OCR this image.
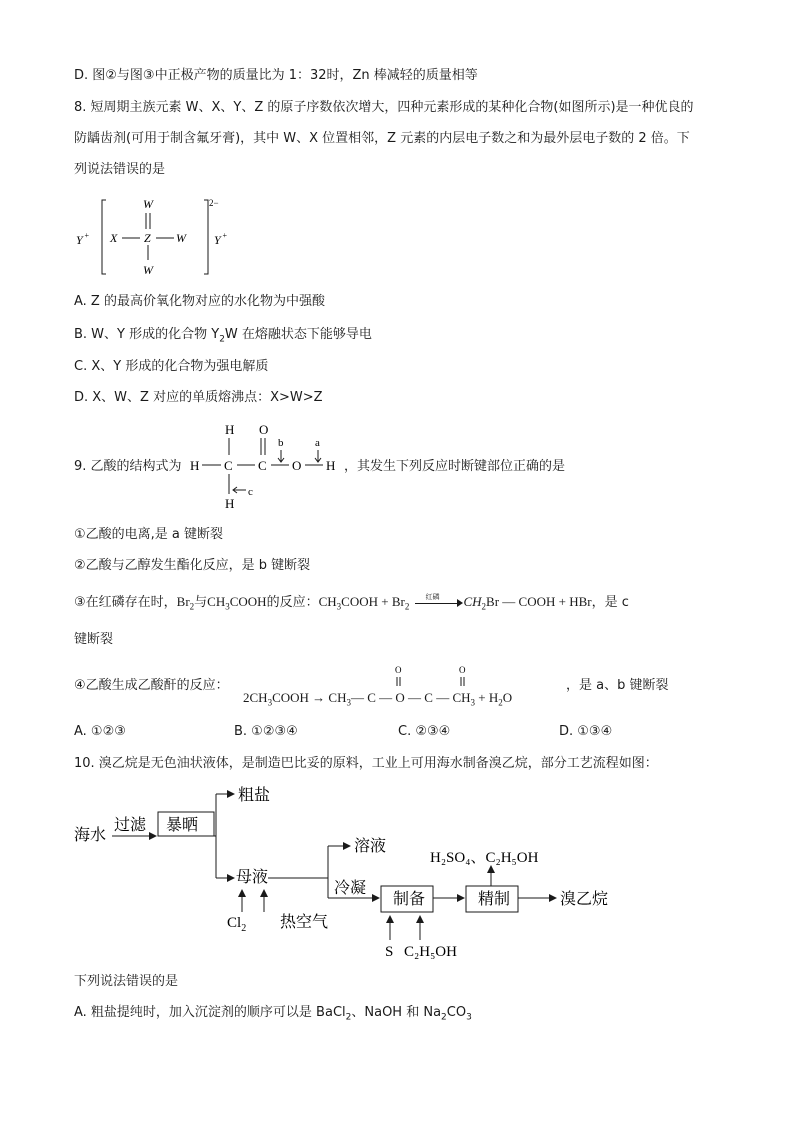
D. 图②与图③中正极产物的质量比为 1：32时，Zn 棒减轻的质量相等
8. 短周期主族元素 W、X、Y、Z 的原子序数依次增大，四种元素形成的某种化合物(如图所示)是一种优良的
防龋齿剂(可用于制含氟牙膏)，其中 W、X 位置相邻，Z 元素的内层电子数之和为最外层电子数的 2 倍。下
列说法错误的是
Y + X Z
W
W
W
Y +
2−
A. Z 的最高价氧化物对应的水化物为中强酸
B. W、Y 形成的化合物 $Y_2W$ 在熔融状态下能够导电
C. X、Y 形成的化合物为强电解质
D. X、W、Z 对应的单质熔沸点：X>W>Z
9. 乙酸的结构式为 H C
H
H
C
O
O H
b	a
c
，其发生下列反应时断键部位正确的是
①乙酸的电离,是 a 键断裂
②乙酸与乙醇发生酯化反应，是 b 键断裂
③在红磷存在时，$Br_2$与$CH_3COOH$的反应：$CH_3COOH + Br_2$
红磷 $CH_2Br$ — COOH + HBr，是 c
键断裂
④乙酸生成乙酸酐的反应：
$2CH_3COOH$ → $CH_3—$ C — O — C — $CH_3 + H_2O$
O	O
，是 a、b 键断裂
A. ①②③	B. ①②③④	C. ②③④	D. ①③④
10. 溴乙烷是无色油状液体，是制造巴比妥的原料，工业上可用海水制备溴乙烷，部分工艺流程如图：
海水
过滤 暴晒
粗盐
母液
热空气
溶液
冷凝
制备	精制	溴乙烷
$Cl_2$
H₂SO₄、C₂H₅OH
S C₂H₅OH
下列说法错误的是
A. 粗盐提纯时，加入沉淀剂的顺序可以是 BaCl$_2$、NaOH 和 $Na_2CO_3$
